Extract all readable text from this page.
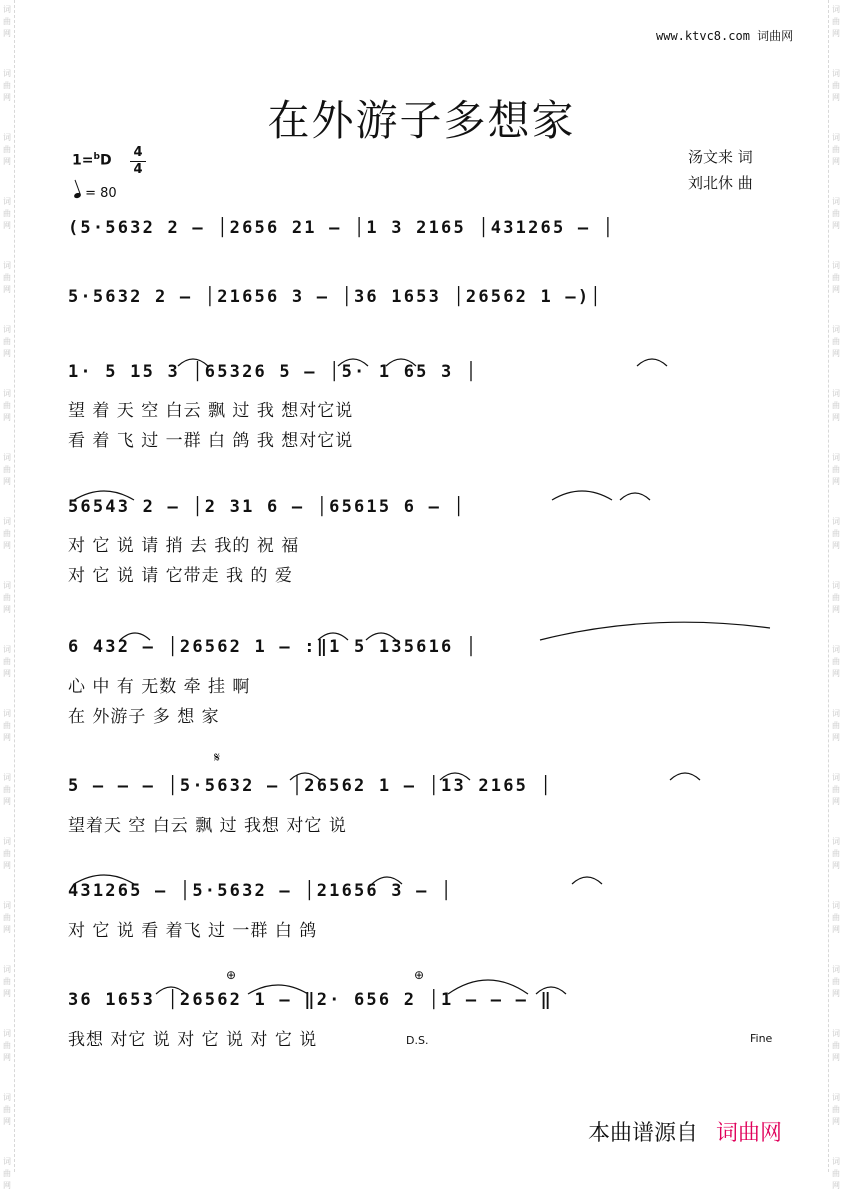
词曲网
词曲网
词曲网
词曲网
词曲网
词曲网
词曲网
词曲网
词曲网
词曲网
词曲网
词曲网
词曲网
词曲网
词曲网
词曲网
词曲网
词曲网
词曲网
词曲网
词曲网
词曲网
词曲网
词曲网
词曲网
词曲网
词曲网
词曲网
词曲网
词曲网
词曲网
词曲网
词曲网
词曲网
词曲网
词曲网
词曲网
词曲网
www.ktvc8.com 词曲网
在外游子多想家
1=$^b$D
4
4
= 80
汤文来 词
刘北休 曲
(5·5632 2 – │2656 21 – │1 3 2165 │431265 – │
5·5632 2 – │21656 3 – │36 1653 │26562 1 –)│
1· 5 15 3 │65326 5 – │5· 1 65 3 │
望 着 天 空 白云 飘 过 我 想对它说
看 着 飞 过 一群 白 鸽 我 想对它说
56543 2 – │2 31 6 – │65615 6 – │
对 它 说 请 捎 去 我的 祝 福
对 它 说 请 它带走 我 的 爱
6 432 – │26562 1 – :‖1 5 135616 │
心 中 有 无数 牵 挂 啊
在 外游子 多 想 家
𝄋
5 – – – │5·5632 – │26562 1 – │13 2165 │
望着天 空 白云 飘 过 我想 对它 说
431265 – │5·5632 – │21656 3 – │
对 它 说 看 着飞 过 一群 白 鸽
⊕	⊕
36 1653 │26562 1 – ‖2· 656 2 │1 – – – ‖
我想 对它 说 对 它 说 对 它 说	D.S.	Fine
本曲谱源自 词曲网
